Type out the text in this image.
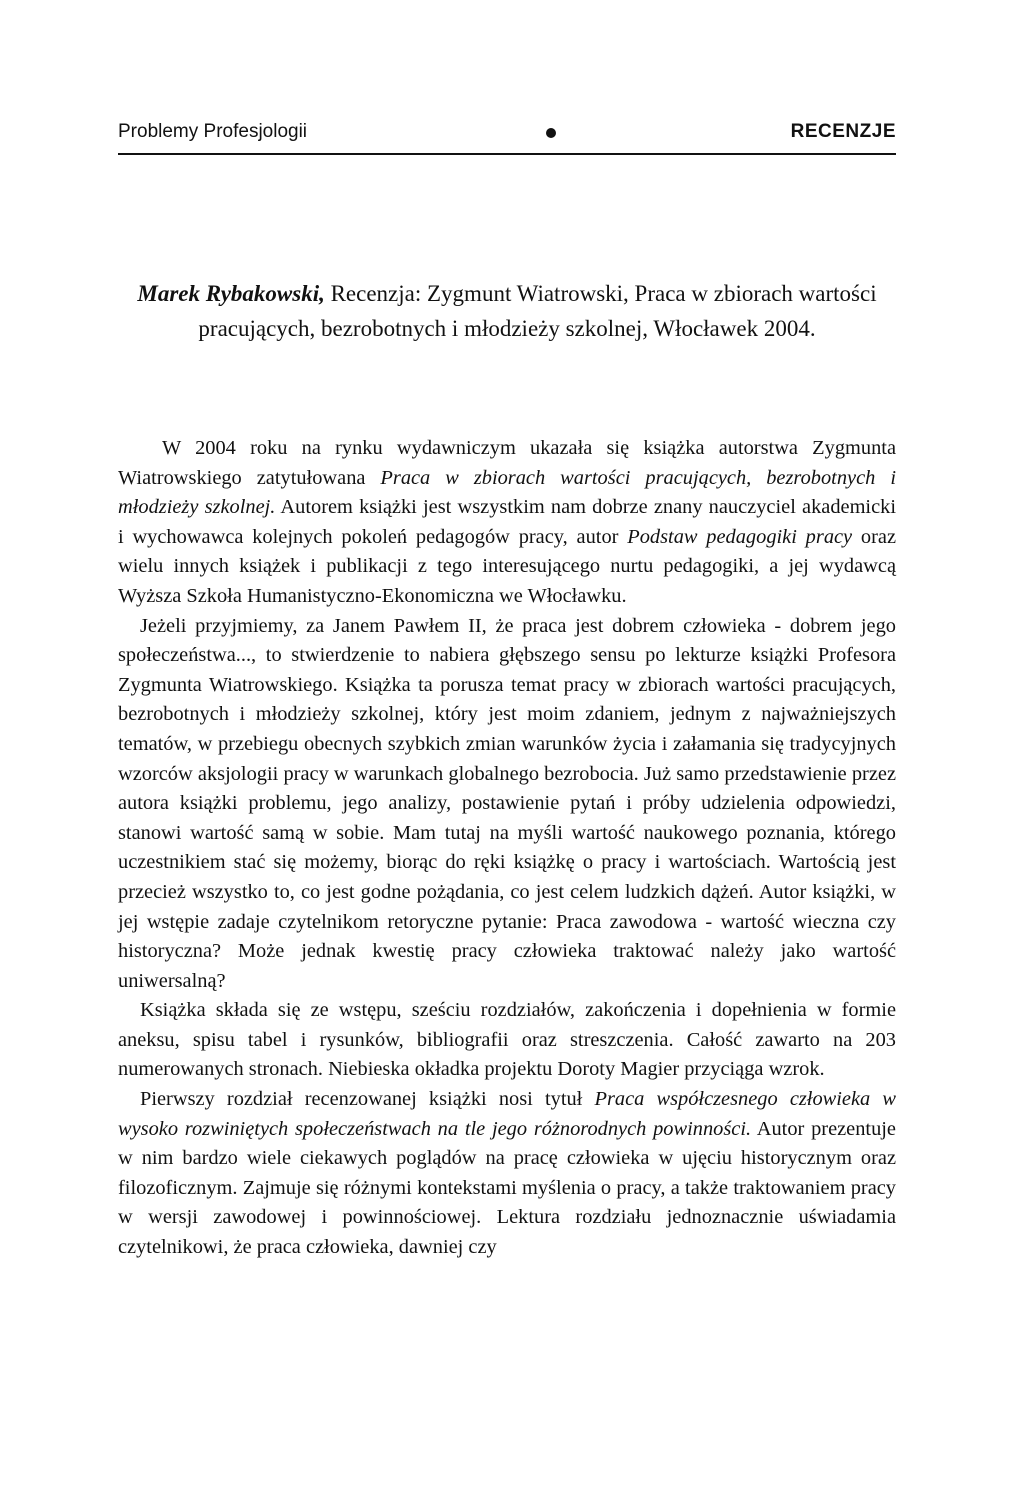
Problemy Profesjologii	RECENZJE
Marek Rybakowski, Recenzja: Zygmunt Wiatrowski, Praca w zbiorach wartości pracujących, bezrobotnych i młodzieży szkolnej, Włocławek 2004.

W 2004 roku na rynku wydawniczym ukazała się książka autorstwa Zygmunta Wiatrowskiego zatytułowana Praca w zbiorach wartości pracujących, bezrobotnych i młodzieży szkolnej. Autorem książki jest wszystkim nam dobrze znany nauczyciel akademicki i wychowawca kolejnych pokoleń pedagogów pracy, autor Podstaw pedagogiki pracy oraz wielu innych książek i publikacji z tego interesującego nurtu pedagogiki, a jej wydawcą Wyższa Szkoła Humanistyczno-Ekonomiczna we Włocławku.

Jeżeli przyjmiemy, za Janem Pawłem II, że praca jest dobrem człowieka - dobrem jego społeczeństwa..., to stwierdzenie to nabiera głębszego sensu po lekturze książki Profesora Zygmunta Wiatrowskiego. Książka ta porusza temat pracy w zbiorach wartości pracujących, bezrobotnych i młodzieży szkolnej, który jest moim zdaniem, jednym z najważniejszych tematów, w przebiegu obecnych szybkich zmian warunków życia i załamania się tradycyjnych wzorców aksjologii pracy w warunkach globalnego bezrobocia. Już samo przedstawienie przez autora książki problemu, jego analizy, postawienie pytań i próby udzielenia odpowiedzi, stanowi wartość samą w sobie. Mam tutaj na myśli wartość naukowego poznania, którego uczestnikiem stać się możemy, biorąc do ręki książkę o pracy i wartościach. Wartością jest przecież wszystko to, co jest godne pożądania, co jest celem ludzkich dążeń. Autor książki, w jej wstępie zadaje czytelnikom retoryczne pytanie: Praca zawodowa - wartość wieczna czy historyczna? Może jednak kwestię pracy człowieka traktować należy jako wartość uniwersalną?

Książka składa się ze wstępu, sześciu rozdziałów, zakończenia i dopełnienia w formie aneksu, spisu tabel i rysunków, bibliografii oraz streszczenia. Całość zawarto na 203 numerowanych stronach. Niebieska okładka projektu Doroty Magier przyciąga wzrok.

Pierwszy rozdział recenzowanej książki nosi tytuł Praca współczesnego człowieka w wysoko rozwiniętych społeczeństwach na tle jego różnorodnych powinności. Autor prezentuje w nim bardzo wiele ciekawych poglądów na pracę człowieka w ujęciu historycznym oraz filozoficznym. Zajmuje się różnymi kontekstami myślenia o pracy, a także traktowaniem pracy w wersji zawodowej i powinnościowej. Lektura rozdziału jednoznacznie uświadamia czytelnikowi, że praca człowieka, dawniej czy
